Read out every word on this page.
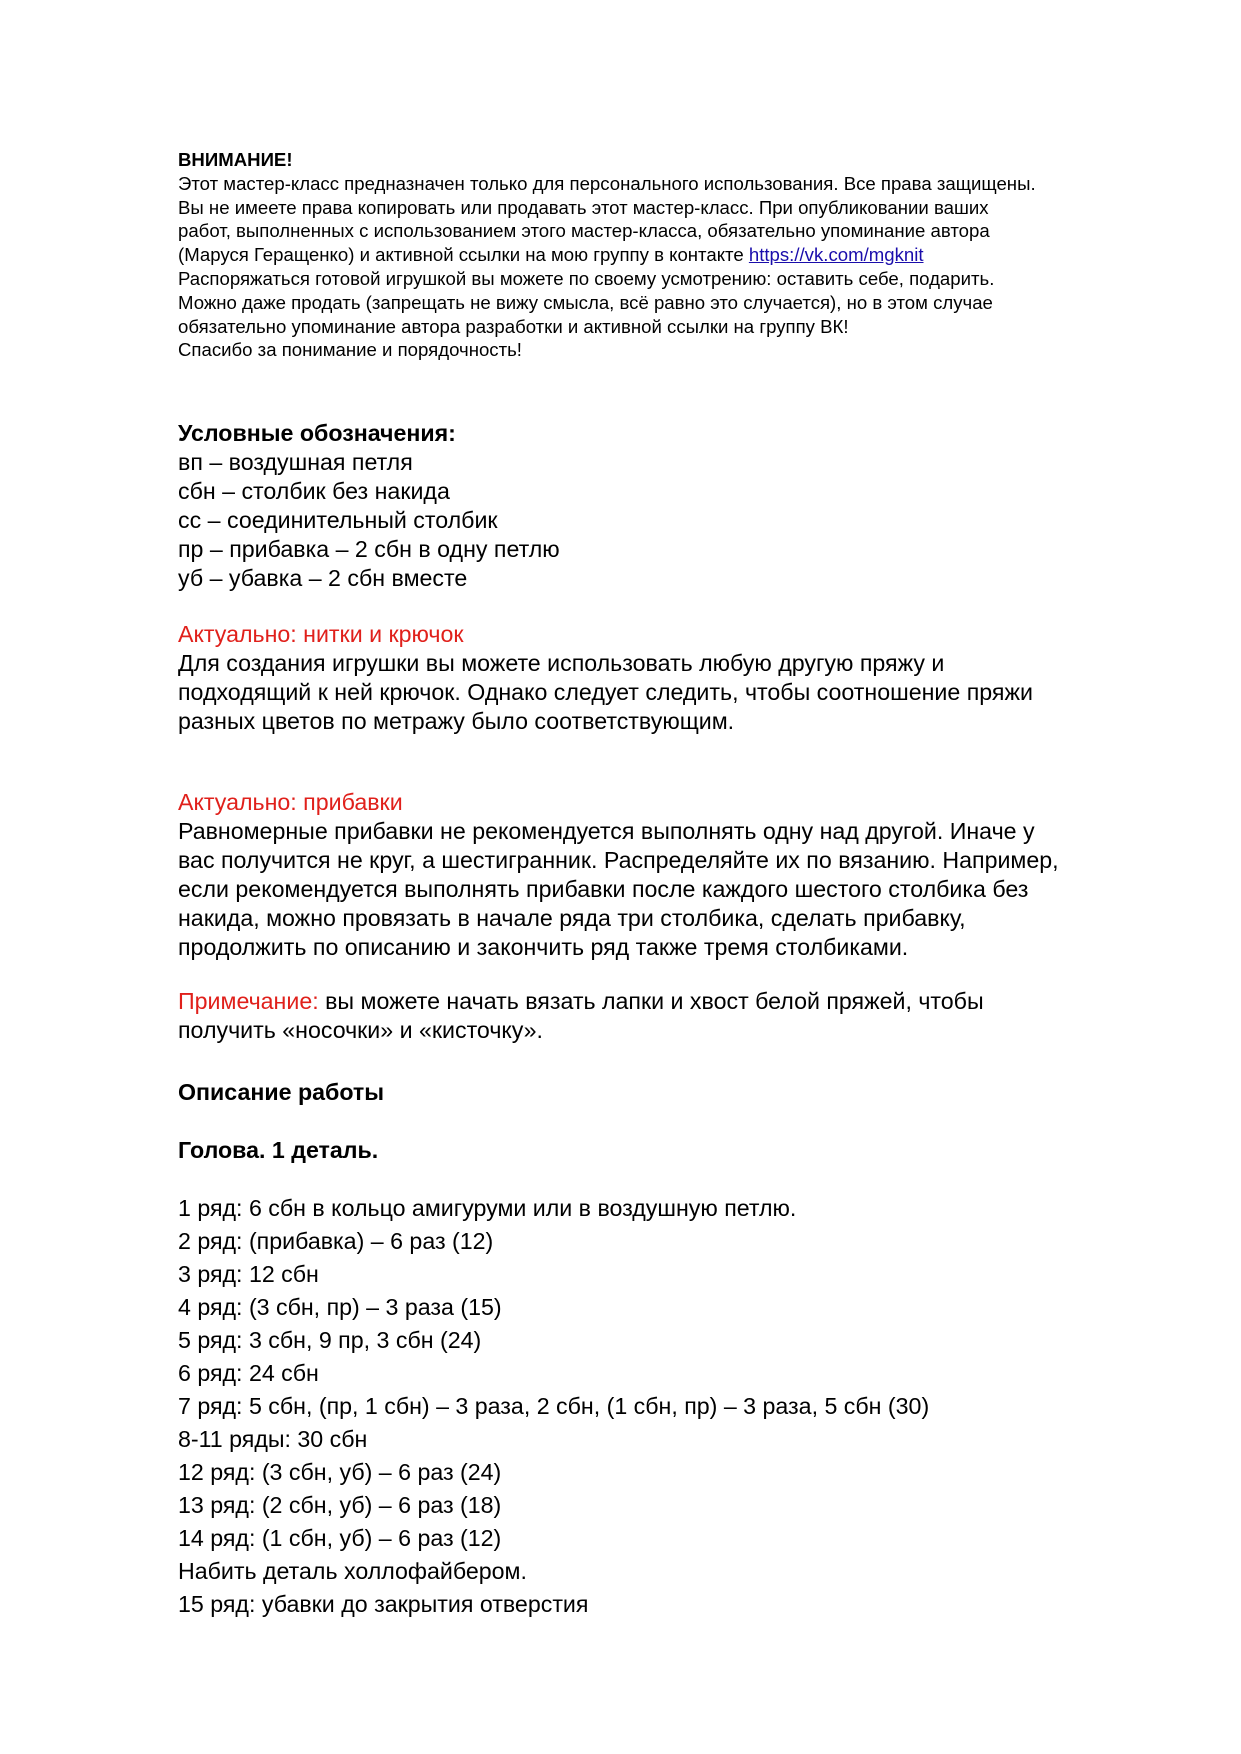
ВНИМАНИЕ!
Этот мастер-класс предназначен только для персонального использования. Все права защищены.
Вы не имеете права копировать или продавать этот мастер-класс. При опубликовании ваших
работ, выполненных с использованием этого мастер-класса, обязательно упоминание автора
(Маруся Геращенко) и активной ссылки на мою группу в контакте https://vk.com/mgknit
Распоряжаться готовой игрушкой вы можете по своему усмотрению: оставить себе, подарить.
Можно даже продать (запрещать не вижу смысла, всё равно это случается), но в этом случае
обязательно упоминание автора разработки и активной ссылки на группу ВК!
Спасибо за понимание и порядочность!
Условные обозначения:
вп – воздушная петля
сбн – столбик без накида
сс – соединительный столбик
пр – прибавка – 2 сбн в одну петлю
уб – убавка – 2 сбн вместе
Актуально: нитки и крючок
Для создания игрушки вы можете использовать любую другую пряжу и
подходящий к ней крючок. Однако следует следить, чтобы соотношение пряжи
разных цветов по метражу было соответствующим.
Актуально: прибавки
Равномерные прибавки не рекомендуется выполнять одну над другой. Иначе у
вас получится не круг, а шестигранник. Распределяйте их по вязанию. Например,
если рекомендуется выполнять прибавки после каждого шестого столбика без
накида, можно провязать в начале ряда три столбика, сделать прибавку,
продолжить по описанию и закончить ряд также тремя столбиками.
Примечание: вы можете начать вязать лапки и хвост белой пряжей, чтобы
получить «носочки» и «кисточку».
Описание работы
Голова. 1 деталь.
1 ряд: 6 сбн в кольцо амигуруми или в воздушную петлю.
2 ряд: (прибавка) – 6 раз (12)
3 ряд: 12 сбн
4 ряд: (3 сбн, пр) – 3 раза (15)
5 ряд: 3 сбн, 9 пр, 3 сбн (24)
6 ряд: 24 сбн
7 ряд: 5 сбн, (пр, 1 сбн) – 3 раза, 2 сбн, (1 сбн, пр) – 3 раза, 5 сбн (30)
8-11 ряды: 30 сбн
12 ряд: (3 сбн, уб) – 6 раз (24)
13 ряд: (2 сбн, уб) – 6 раз (18)
14 ряд: (1 сбн, уб) – 6 раз (12)
Набить деталь холлофайбером.
15 ряд: убавки до закрытия отверстия
